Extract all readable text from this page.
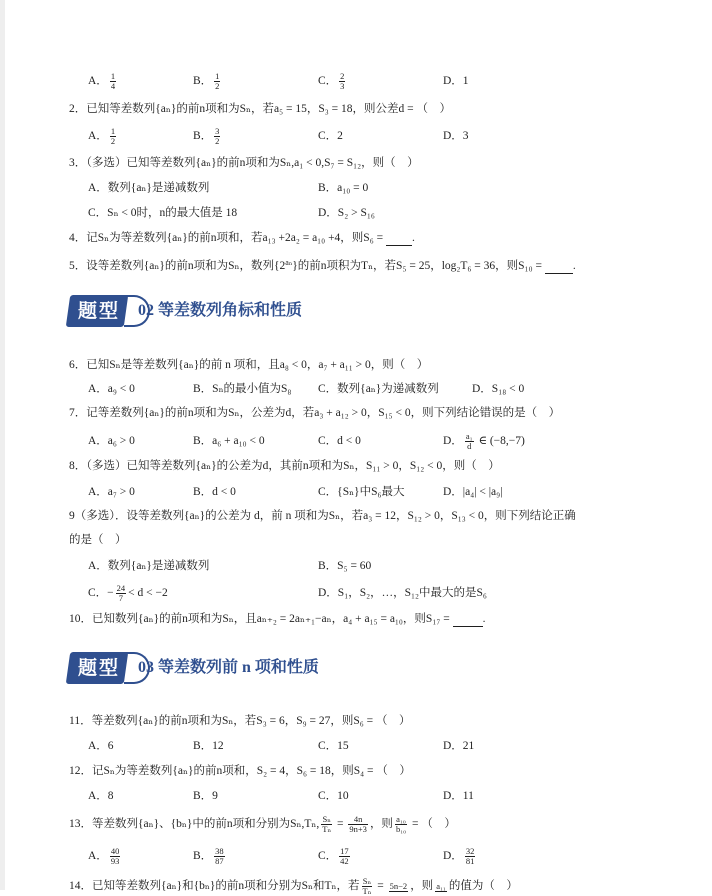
A． $\frac{1}{4}$	B． $\frac{1}{2}$	C． $\frac{2}{3}$	D．1
2．已知等差数列{aₙ}的前n项和为Sₙ，若a₅ = 15，S₃ = 18，则公差d = （　）
A． $\frac{1}{2}$	B． $\frac{3}{2}$	C．2	D．3
3．（多选）已知等差数列{aₙ}的前n项和为Sₙ,a₁ < 0,S₇ = S₁₂，则（　）
A．数列{aₙ}是递减数列	B．a₁₀ = 0
C．Sₙ < 0时，n的最大值是 18	D．S₂ > S₁₆
4．记Sₙ为等差数列{aₙ}的前n项和，若a₁₃ +2a₂ = a₁₀ +4，则S₆ = .
5．设等差数列{aₙ}的前n项和为Sₙ，数列$\{2^{a_n}\}$的前n项积为Tₙ，若S₅ = 25，log₂T₆ = 36，则S₁₀ = .
题型 02 等差数列角标和性质
6．已知Sₙ是等差数列{aₙ}的前 n 项和，且a₈ < 0，a₇ + a₁₁ > 0，则（　）
A．a₉ < 0	B．Sₙ的最小值为S₈ C．数列{aₙ}为递减数列	D．S₁₈ < 0
7．记等差数列{aₙ}的前n项和为Sₙ，公差为d，若a₃ + a₁₂ > 0，S₁₅ < 0，则下列结论错误的是（　）
A．a₆ > 0	B．a₆ + a₁₀ < 0	C．d < 0	D． $\frac{\text{a₁}}{d}$ ∈ (−8,−7)
8．（多选）已知等差数列{aₙ}的公差为d，其前n项和为Sₙ，S₁₁ > 0，S₁₂ < 0，则（　）
A．a₇ > 0	B．d < 0	C．{Sₙ}中S₆最大	D．|a₄| < |a₉|
9（多选）．设等差数列{aₙ}的公差为 d，前 n 项和为Sₙ，若a₃ = 12，S₁₂ > 0，S₁₃ < 0，则下列结论正确
的是（　）
A．数列{aₙ}是递减数列	B．S₅ = 60
C．− $\frac{24}{7} < d < -2$	D．S₁，S₂，…，S₁₂中最大的是S₆
10．已知数列{aₙ}的前n项和为Sₙ，且aₙ₊₂ = 2aₙ₊₁−aₙ，a₄ + a₁₅ = a₁₀，则S₁₇ =	.
题型 03 等差数列前 n 项和性质
11．等差数列{aₙ}的前n项和为Sₙ，若S₃ = 6，S₉ = 27，则S₆ = （　）
A．6	B．12	C．15	D．21
12．记Sₙ为等差数列{aₙ}的前n项和，S₂ = 4，S₆ = 18，则S₄ = （　）
A．8	B．9	C．10	D．11
13．等差数列{aₙ}、{bₙ}中的前n项和分别为Sₙ,Tₙ, $\frac{\text{Sₙ}}{\text{Tₙ}} = \frac{4n}{9n+3}$ ，则 $\frac{\text{a₁₀}}{\text{b₁₀}}$ = （　）
A． $\frac{40}{93}$	B． $\frac{38}{87}$	C． $\frac{17}{42}$	D． $\frac{32}{81}$
14．已知等差数列{aₙ}和{bₙ}的前n项和分别为Sₙ和Tₙ，若 $\frac{\text{Sₙ}}{\text{Tₙ}} = 5n-2$ ，则 a₁₁ 的值为（　）
